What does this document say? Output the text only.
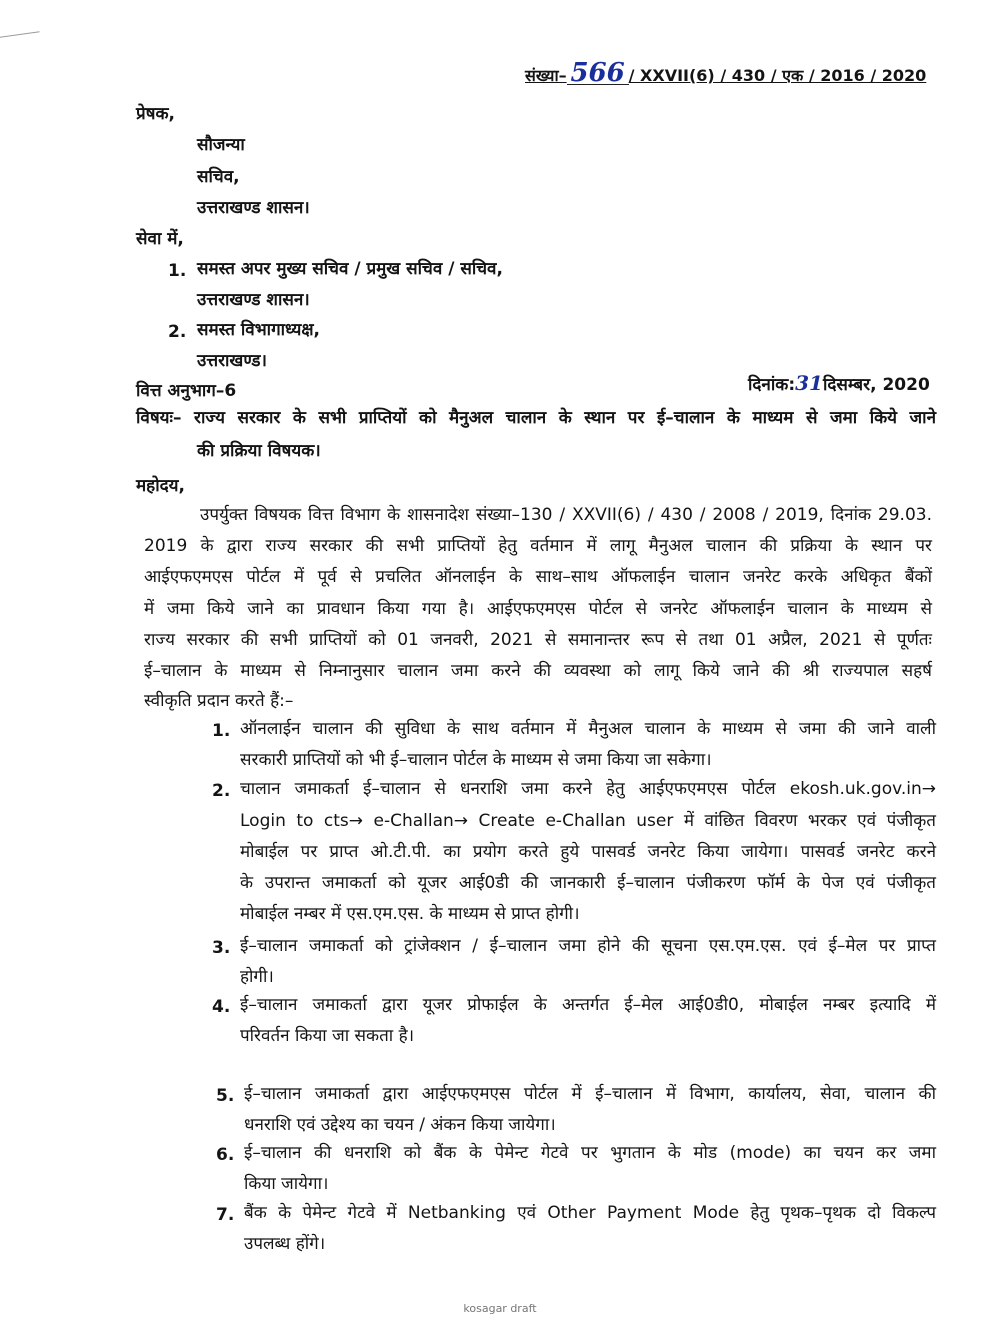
संख्या– 566 / XXVII(6) / 430 / एक / 2016 / 2020
प्रेषक,
सौजन्या
सचिव,
उत्तराखण्ड शासन।
सेवा में,
1. समस्त अपर मुख्य सचिव / प्रमुख सचिव / सचिव,
उत्तराखण्ड शासन।
2. समस्त विभागाध्यक्ष,
उत्तराखण्ड।
वित्त अनुभाग–6	दिनांक:31दिसम्बर, 2020
विषयः– राज्य सरकार के सभी प्राप्तियों को मैनुअल चालान के स्थान पर ई–चालान के माध्यम से जमा किये जाने
की प्रक्रिया विषयक।
महोदय,
उपर्युक्त विषयक वित्त विभाग के शासनादेश संख्या–130 / XXVII(6) / 430 / 2008 / 2019, दिनांक 29.03.
2019 के द्वारा राज्य सरकार की सभी प्राप्तियों हेतु वर्तमान में लागू मैनुअल चालान की प्रक्रिया के स्थान पर
आईएफएमएस पोर्टल में पूर्व से प्रचलित ऑनलाईन के साथ–साथ ऑफलाईन चालान जनरेट करके अधिकृत बैंकों
में जमा किये जाने का प्रावधान किया गया है। आईएफएमएस पोर्टल से जनरेट ऑफलाईन चालान के माध्यम से
राज्य सरकार की सभी प्राप्तियों को 01 जनवरी, 2021 से समानान्तर रूप से तथा 01 अप्रैल, 2021 से पूर्णतः
ई–चालान के माध्यम से निम्नानुसार चालान जमा करने की व्यवस्था को लागू किये जाने की श्री राज्यपाल सहर्ष
स्वीकृति प्रदान करते हैं:–
1. ऑनलाईन चालान की सुविधा के साथ वर्तमान में मैनुअल चालान के माध्यम से जमा की जाने वाली
सरकारी प्राप्तियों को भी ई–चालान पोर्टल के माध्यम से जमा किया जा सकेगा।
2. चालान जमाकर्ता ई–चालान से धनराशि जमा करने हेतु आईएफएमएस पोर्टल ekosh.uk.gov.in→
Login to cts→ e-Challan→ Create e-Challan user में वांछित विवरण भरकर एवं पंजीकृत
मोबाईल पर प्राप्त ओ.टी.पी. का प्रयोग करते हुये पासवर्ड जनरेट किया जायेगा। पासवर्ड जनरेट करने
के उपरान्त जमाकर्ता को यूजर आई0डी की जानकारी ई–चालान पंजीकरण फॉर्म के पेज एवं पंजीकृत
मोबाईल नम्बर में एस.एम.एस. के माध्यम से प्राप्त होगी।
3. ई–चालान जमाकर्ता को ट्रांजेक्शन / ई–चालान जमा होने की सूचना एस.एम.एस. एवं ई–मेल पर प्राप्त
होगी।
4. ई–चालान जमाकर्ता द्वारा यूजर प्रोफाईल के अन्तर्गत ई–मेल आई0डी0, मोबाईल नम्बर इत्यादि में
परिवर्तन किया जा सकता है।
5. ई–चालान जमाकर्ता द्वारा आईएफएमएस पोर्टल में ई–चालान में विभाग, कार्यालय, सेवा, चालान की
धनराशि एवं उद्देश्य का चयन / अंकन किया जायेगा।
6. ई–चालान की धनराशि को बैंक के पेमेन्ट गेटवे पर भुगतान के मोड (mode) का चयन कर जमा
किया जायेगा।
7. बैंक के पेमेन्ट गेटवे में Netbanking एवं Other Payment Mode हेतु पृथक–पृथक दो विकल्प
उपलब्ध होंगे।
kosagar draft
